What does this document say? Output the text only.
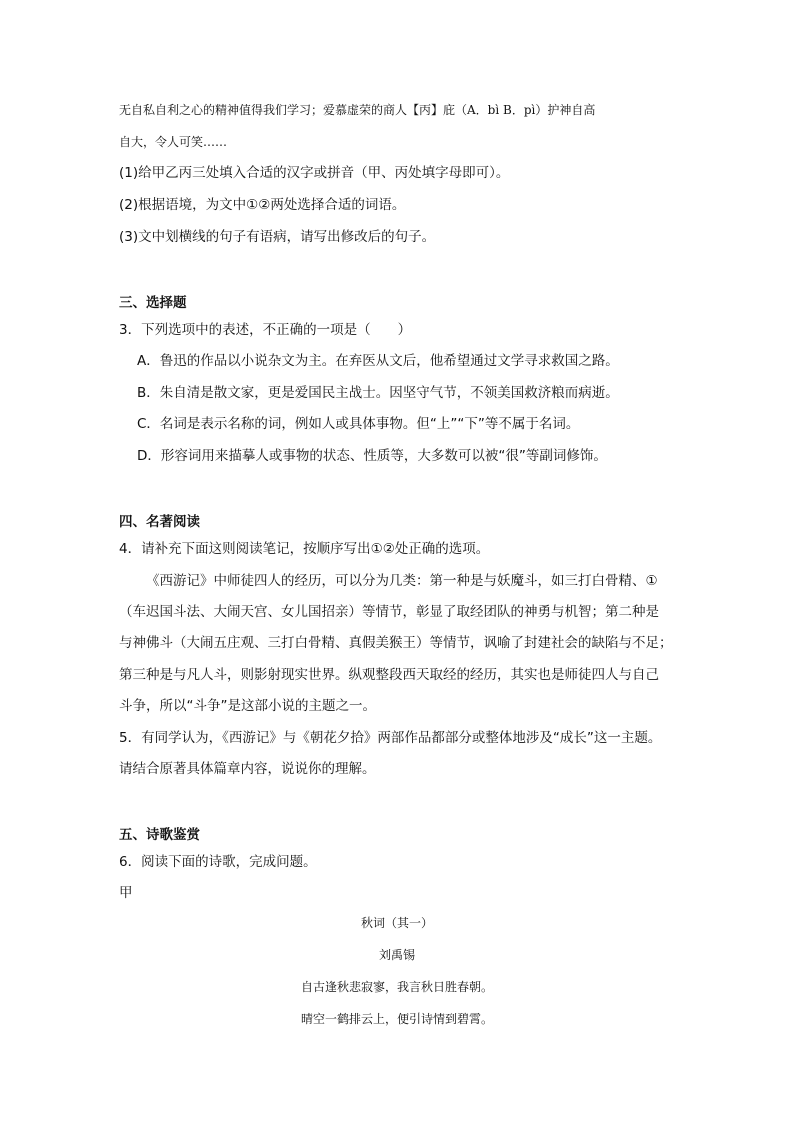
无自私自利之心的精神值得我们学习；爱慕虚荣的商人【丙】庇（A．bì B．pì）护神自高
自大，令人可笑……
(1)给甲乙丙三处填入合适的汉字或拼音（甲、丙处填字母即可）。
(2)根据语境，为文中①②两处选择合适的词语。
(3)文中划横线的句子有语病，请写出修改后的句子。
三、选择题
3．下列选项中的表述，不正确的一项是（　　）
A．鲁迅的作品以小说杂文为主。在弃医从文后，他希望通过文学寻求救国之路。
B．朱自清是散文家，更是爱国民主战士。因坚守气节，不领美国救济粮而病逝。
C．名词是表示名称的词，例如人或具体事物。但“上”“下”等不属于名词。
D．形容词用来描摹人或事物的状态、性质等，大多数可以被“很”等副词修饰。
四、名著阅读
4．请补充下面这则阅读笔记，按顺序写出①②处正确的选项。
《西游记》中师徒四人的经历，可以分为几类：第一种是与妖魔斗，如三打白骨精、①
（车迟国斗法、大闹天宫、女儿国招亲）等情节，彰显了取经团队的神勇与机智；第二种是
与神佛斗（大闹五庄观、三打白骨精、真假美猴王）等情节，讽喻了封建社会的缺陷与不足；
第三种是与凡人斗，则影射现实世界。纵观整段西天取经的经历，其实也是师徒四人与自己
斗争，所以“斗争”是这部小说的主题之一。
5．有同学认为，《西游记》与《朝花夕拾》两部作品都部分或整体地涉及“成长”这一主题。
请结合原著具体篇章内容，说说你的理解。
五、诗歌鉴赏
6．阅读下面的诗歌，完成问题。
甲
秋词（其一）
刘禹锡
自古逢秋悲寂寥，我言秋日胜春朝。
晴空一鹤排云上，便引诗情到碧霄。
